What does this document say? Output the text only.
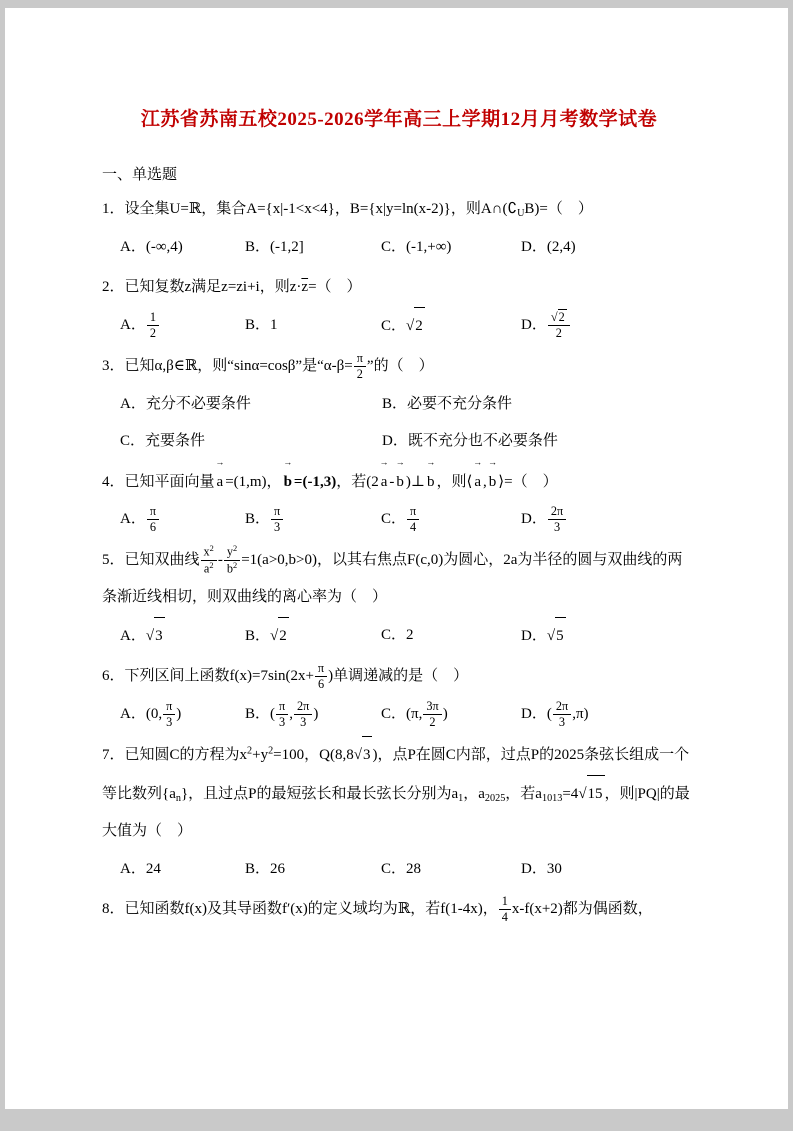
江苏省苏南五校2025-2026学年高三上学期12月月考数学试卷
一、单选题
1．设全集U=ℝ，集合A={x|-1<x<4}，B={x|y=ln(x-2)}，则$A\cap(∁_UB)=$（　）
A．(-∞,4)	B．(-1,2]	C．(-1,+∞)	D．(2,4)
2．已知复数z满足z=zi+i，则$z\cdot\overline{z}=$（　）
A． $\frac{1}{2}$	B．1	C．√2	D． $\frac{√2}{2}$
3．已知α,β∈ℝ，则“sinα=cosβ”是“$\alpha-\beta= \frac{\pi}{2}$ ”的（　）
A．充分不必要条件	B．必要不充分条件
C．充要条件	D．既不充分也不必要条件
4．已知平面向量
→
a =(1,m)，
→
b =(-1,3)，若(2
→
a -
→
b )⊥
→
b ，则⟨
→
a ,
→
b ⟩=（　）
A． $\frac{\pi}{6}$	B． $\frac{\pi}{3}$	C． $\frac{\pi}{4}$	D． $\frac{2\pi}{3}$
5．已知双曲线 $\frac{x^2}{a^2} - \frac{y^2}{b^2} =1(a>0,b>0)$，以其右焦点F(c,0)为圆心，2a为半径的圆与双曲线的两条渐近线相切，则双曲线的离心率为（　）
A．√3	B．√2	C．2	D．√5
6．下列区间上函数$f(x)=7\sin(2x+ \frac{\pi}{6}$ )单调递减的是（　）
A．(0, $\frac{\pi}{3}$ )	B．( $\frac{\pi}{3}$ , $\frac{2\pi}{3}$ )	C．(π, $\frac{3\pi}{2}$ )	D．( $\frac{2\pi}{3} ,\pi$)
7．已知圆C的方程为$x^2+y^2=100$，Q(8,8√3 )，点P在圆C内部，过点P的2025条弦长组成一个等比数列$\{a_n\}$，且过点P的最短弦长和最长弦长分别为$a_1$，$a_{2025}$，若$a_{1013}=4√15$ ，则|PQ|的最大值为（　）
A．24	B．26	C．28	D．30
8．已知函数f(x)及其导函数f′(x)的定义域均为ℝ，若f(1-4x)， $\frac{1}{4} x-f(x+2)$都为偶函数，
